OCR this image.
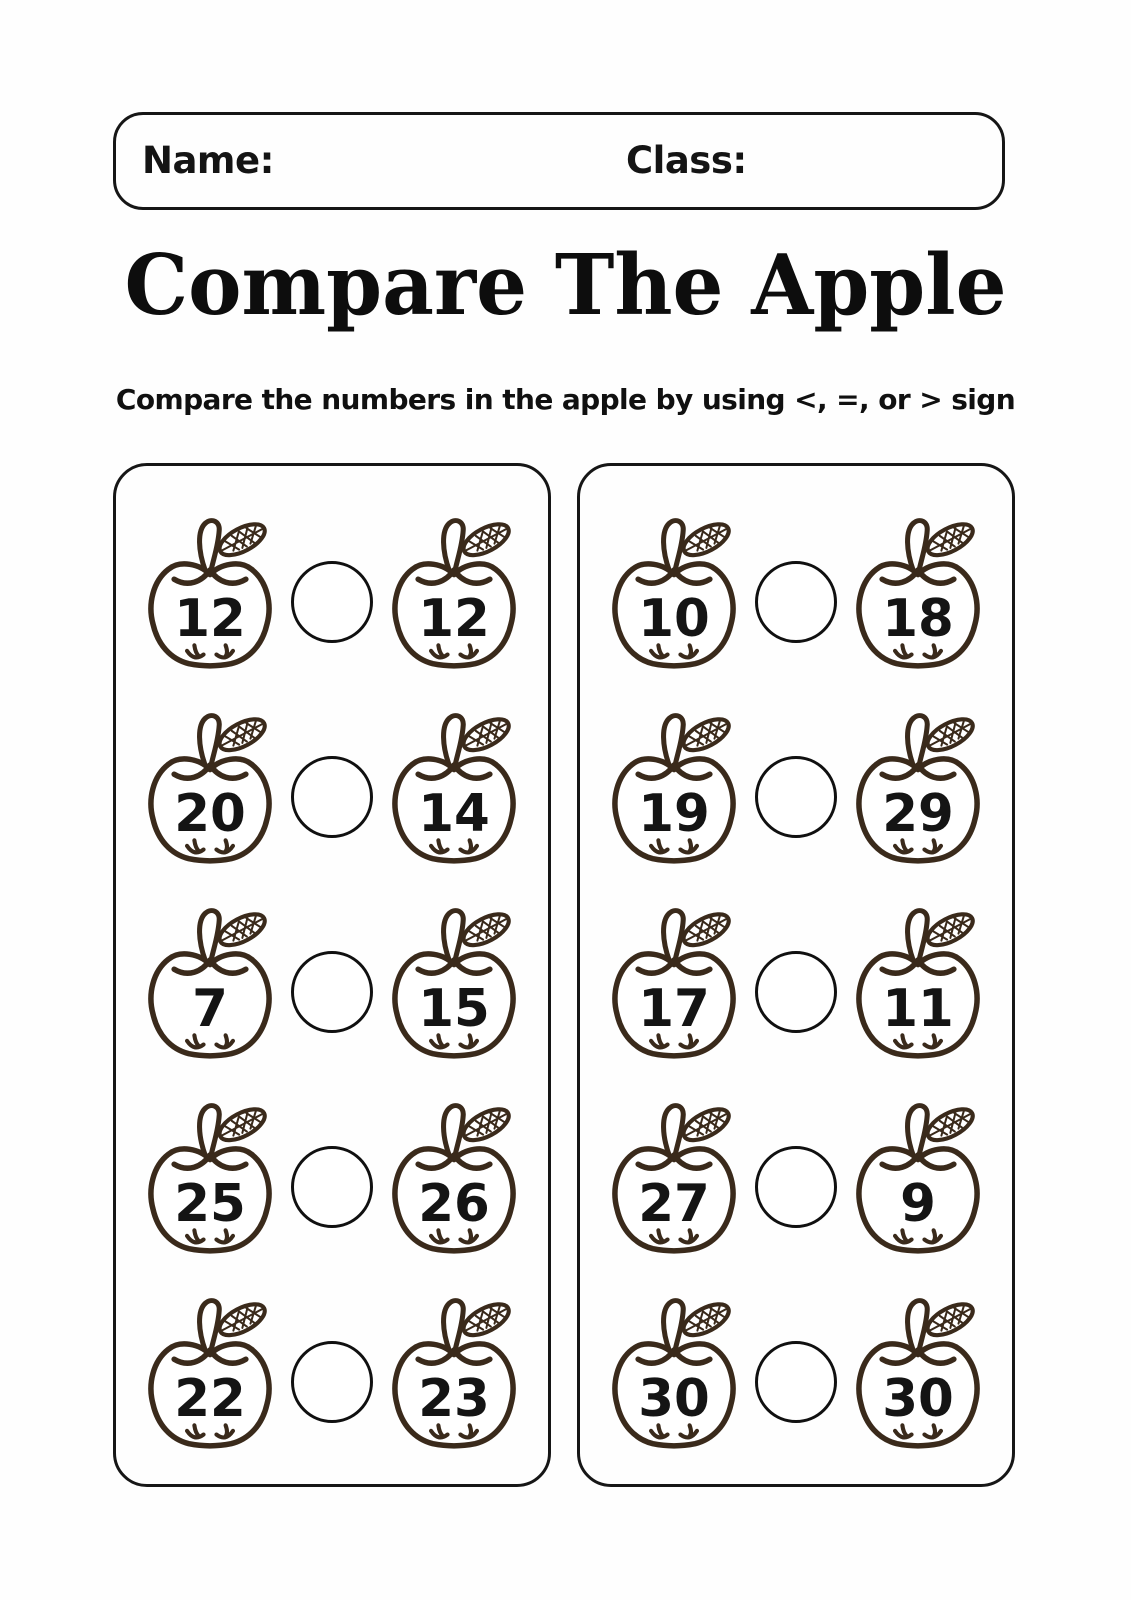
Name:	Class:
Compare The Apple

Compare the numbers in the apple by using <, =, or > sign

12	12
20	14
7	15
25	26
22	23
10	18
19	29
17	11
27	9
30	30
